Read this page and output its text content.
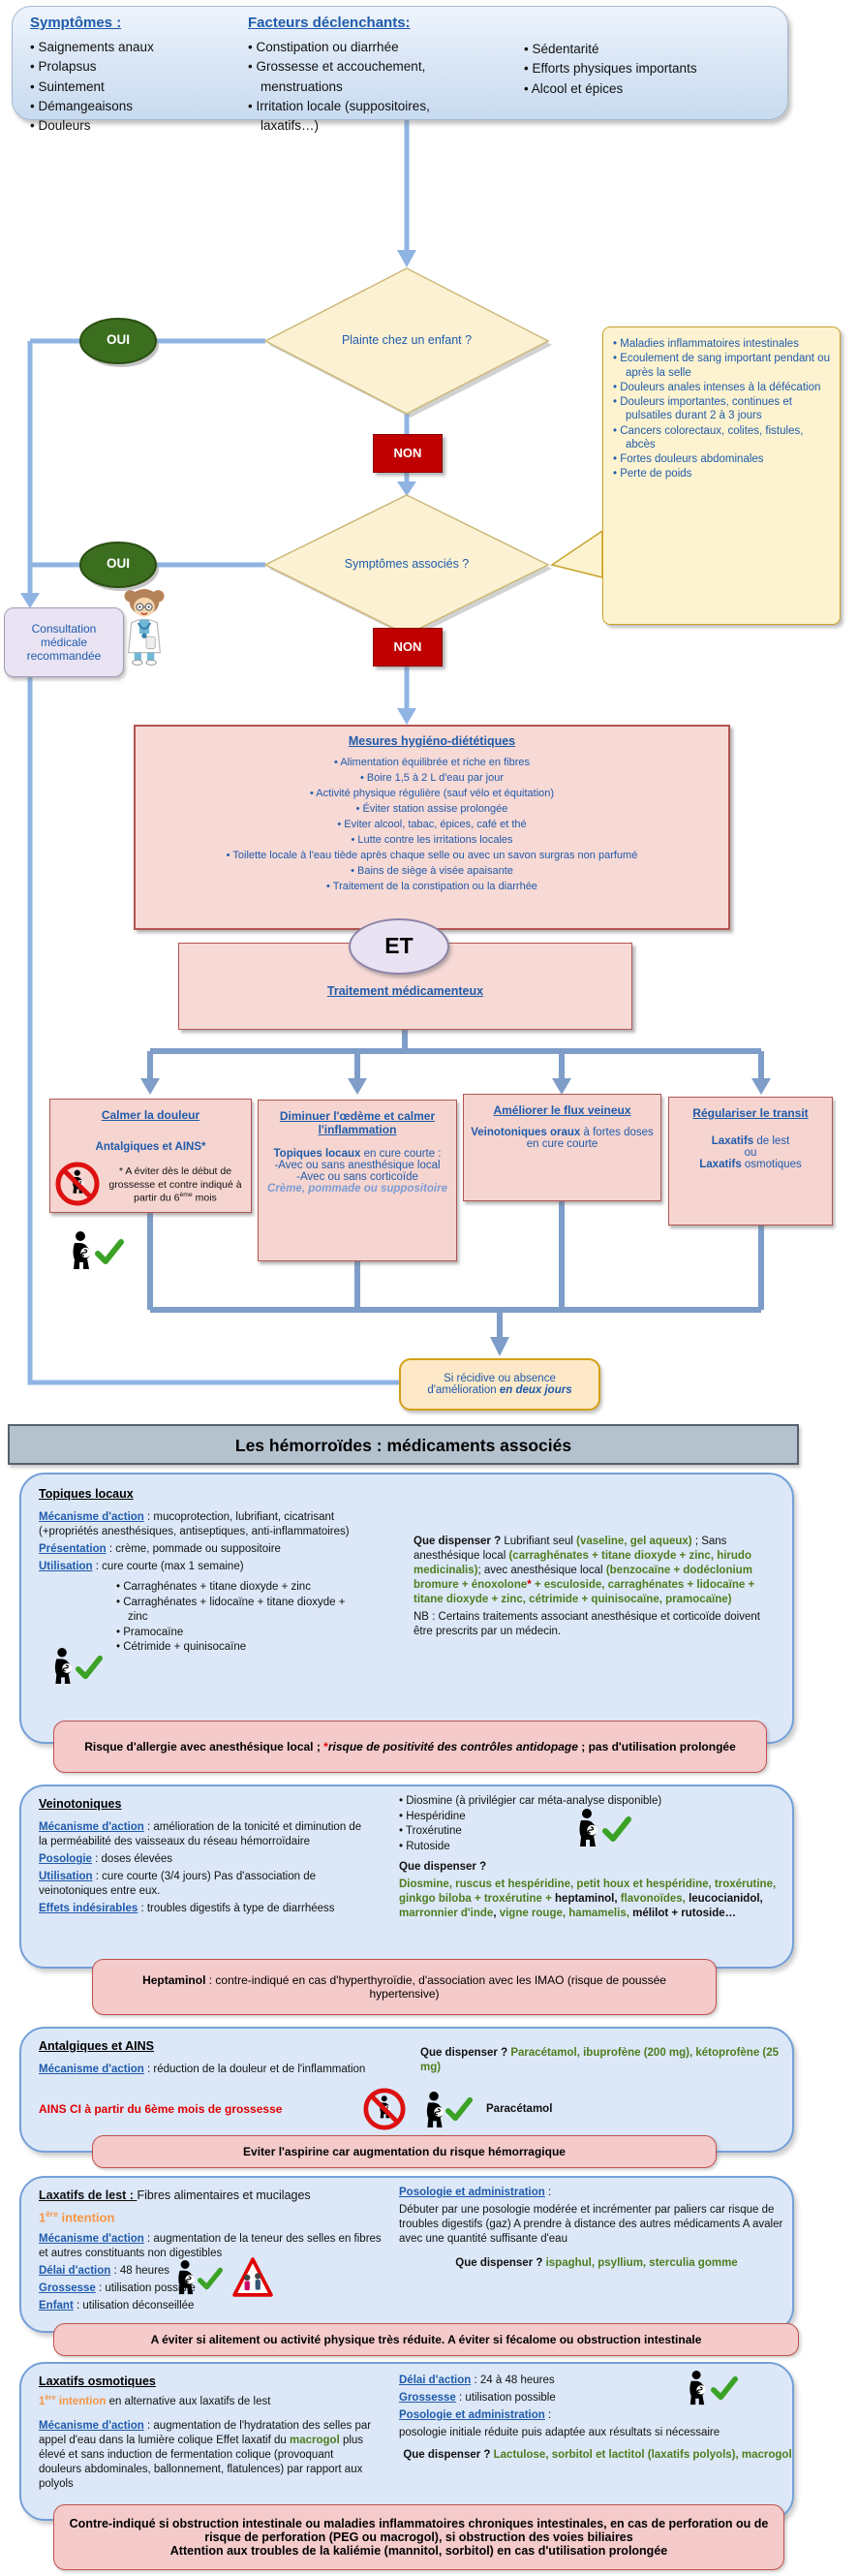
Symptômes :
• Saignements anaux
• Prolapsus
• Suintement
• Démangeaisons
• Douleurs
Facteurs déclenchants:
• Constipation ou diarrhée
• Grossesse et accouchement, menstruations
• Irritation locale (suppositoires, laxatifs…)
• Sédentarité
• Efforts physiques importants
• Alcool et épices
Plainte chez un enfant ?
Symptômes associés ?
OUI
OUI
NON
NON
Consultation médicale recommandée
• Maladies inflammatoires intestinales
• Ecoulement de sang important pendant ou après la selle
• Douleurs anales intenses à la défécation
• Douleurs importantes, continues et pulsatiles durant 2 à 3 jours
• Cancers colorectaux, colites, fistules, abcès
• Fortes douleurs abdominales
• Perte de poids
Mesures hygiéno-diététiques
• Alimentation équilibrée et riche en fibres
• Boire 1,5 à 2 L d'eau par jour
• Activité physique régulière (sauf vélo et équitation)
• Éviter station assise prolongée
• Eviter alcool, tabac, épices, café et thé
• Lutte contre les irritations locales
• Toilette locale à l'eau tiède après chaque selle ou avec un savon surgras non parfumé
• Bains de siège à visée apaisante
• Traitement de la constipation ou la diarrhée
Traitement médicamenteux
ET
Calmer la douleur
Antalgiques et AINS*
Diminuer l'œdème et calmer l'inflammation
Topiques locaux en cure courte :
-Avec ou sans anesthésique local
-Avec ou sans corticoïde
Crème, pommade ou suppositoire
Améliorer le flux veineux
Veinotoniques oraux à fortes doses en cure courte
Régulariser le transit
Laxatifs de lest
ou
Laxatifs osmotiques
* A éviter dès le début de grossesse et contre indiqué à partir du 6ème mois
Si récidive ou absence d'amélioration en deux jours
Les hémorroïdes : médicaments associés
Topiques locaux

Mécanisme d'action : mucoprotection, lubrifiant, cicatrisant (+propriétés anesthésiques, antiseptiques, anti-inflammatoires)

Présentation : crème, pommade ou suppositoire

Utilisation : cure courte (max 1 semaine)

• Carraghénates + titane dioxyde + zinc
• Carraghénates + lidocaïne + titane dioxyde + zinc
• Pramocaïne
• Cétrimide + quinisocaïne

Que dispenser ? Lubrifiant seul (vaseline, gel aqueux) ; Sans anesthésique local (carraghénates + titane dioxyde + zinc, hirudo medicinalis); avec anesthésique local (benzocaïne + dodéclonium bromure + énoxolone* + esculoside, carraghénates + lidocaïne + titane dioxyde + zinc, cétrimide + quinisocaïne, pramocaïne)

NB : Certains traitements associant anesthésique et corticoïde doivent être prescrits par un médecin.

Risque d'allergie avec anesthésique local ; *risque de positivité des contrôles antidopage ; pas d'utilisation prolongée
Veinotoniques

Mécanisme d'action : amélioration de la tonicité et diminution de la perméabilité des vaisseaux du réseau hémorroïdaire

Posologie : doses élevées

Utilisation : cure courte (3/4 jours) Pas d'association de veinotoniques entre eux.

Effets indésirables : troubles digestifs à type de diarrhéess

• Diosmine (à privilégier car méta-analyse disponible)
• Hespéridine
• Troxérutine
• Rutoside

Que dispenser ?

Diosmine, ruscus et hespéridine, petit houx et hespéridine, troxérutine, ginkgo biloba + troxérutine + heptaminol, flavonoïdes, leucocianidol, marronnier d'inde, vigne rouge, hamamelis, mélilot + rutoside…

Heptaminol : contre-indiqué en cas d'hyperthyroïdie, d'association avec les IMAO (risque de poussée hypertensive)
Antalgiques et AINS

Mécanisme d'action : réduction de la douleur et de l'inflammation

AINS CI à partir du 6ème mois de grossesse	Paracétamol
Que dispenser ? Paracétamol, ibuprofène (200 mg), kétoprofène (25 mg)
Eviter l'aspirine car augmentation du risque hémorragique

Laxatifs de lest : Fibres alimentaires et mucilages

1ère intention

Mécanisme d'action : augmentation de la teneur des selles en fibres et autres constituants non digestibles

Délai d'action : 48 heures

Grossesse : utilisation possible

Enfant : utilisation déconseillée

Posologie et administration :

Débuter par une posologie modérée et incrémenter par paliers car risque de troubles digestifs (gaz) A prendre à distance des autres médicaments A avaler avec une quantité suffisante d'eau

Que dispenser ? ispaghul, psyllium, sterculia gomme

A éviter si alitement ou activité physique très réduite. A éviter si fécalome ou obstruction intestinale
Laxatifs osmotiques

1ère intention en alternative aux laxatifs de lest

Mécanisme d'action : augmentation de l'hydratation des selles par appel d'eau dans la lumière colique Effet laxatif du macrogol plus élevé et sans induction de fermentation colique (provoquant douleurs abdominales, ballonnement, flatulences) par rapport aux polyols

Délai d'action : 24 à 48 heures

Grossesse : utilisation possible

Posologie et administration :

posologie initiale réduite puis adaptée aux résultats si nécessaire

Que dispenser ? Lactulose, sorbitol et lactitol (laxatifs polyols), macrogol

Contre-indiqué si obstruction intestinale ou maladies inflammatoires chroniques intestinales, en cas de perforation ou de risque de perforation (PEG ou macrogol), si obstruction des voies biliaires
Attention aux troubles de la kaliémie (mannitol, sorbitol) en cas d'utilisation prolongée
